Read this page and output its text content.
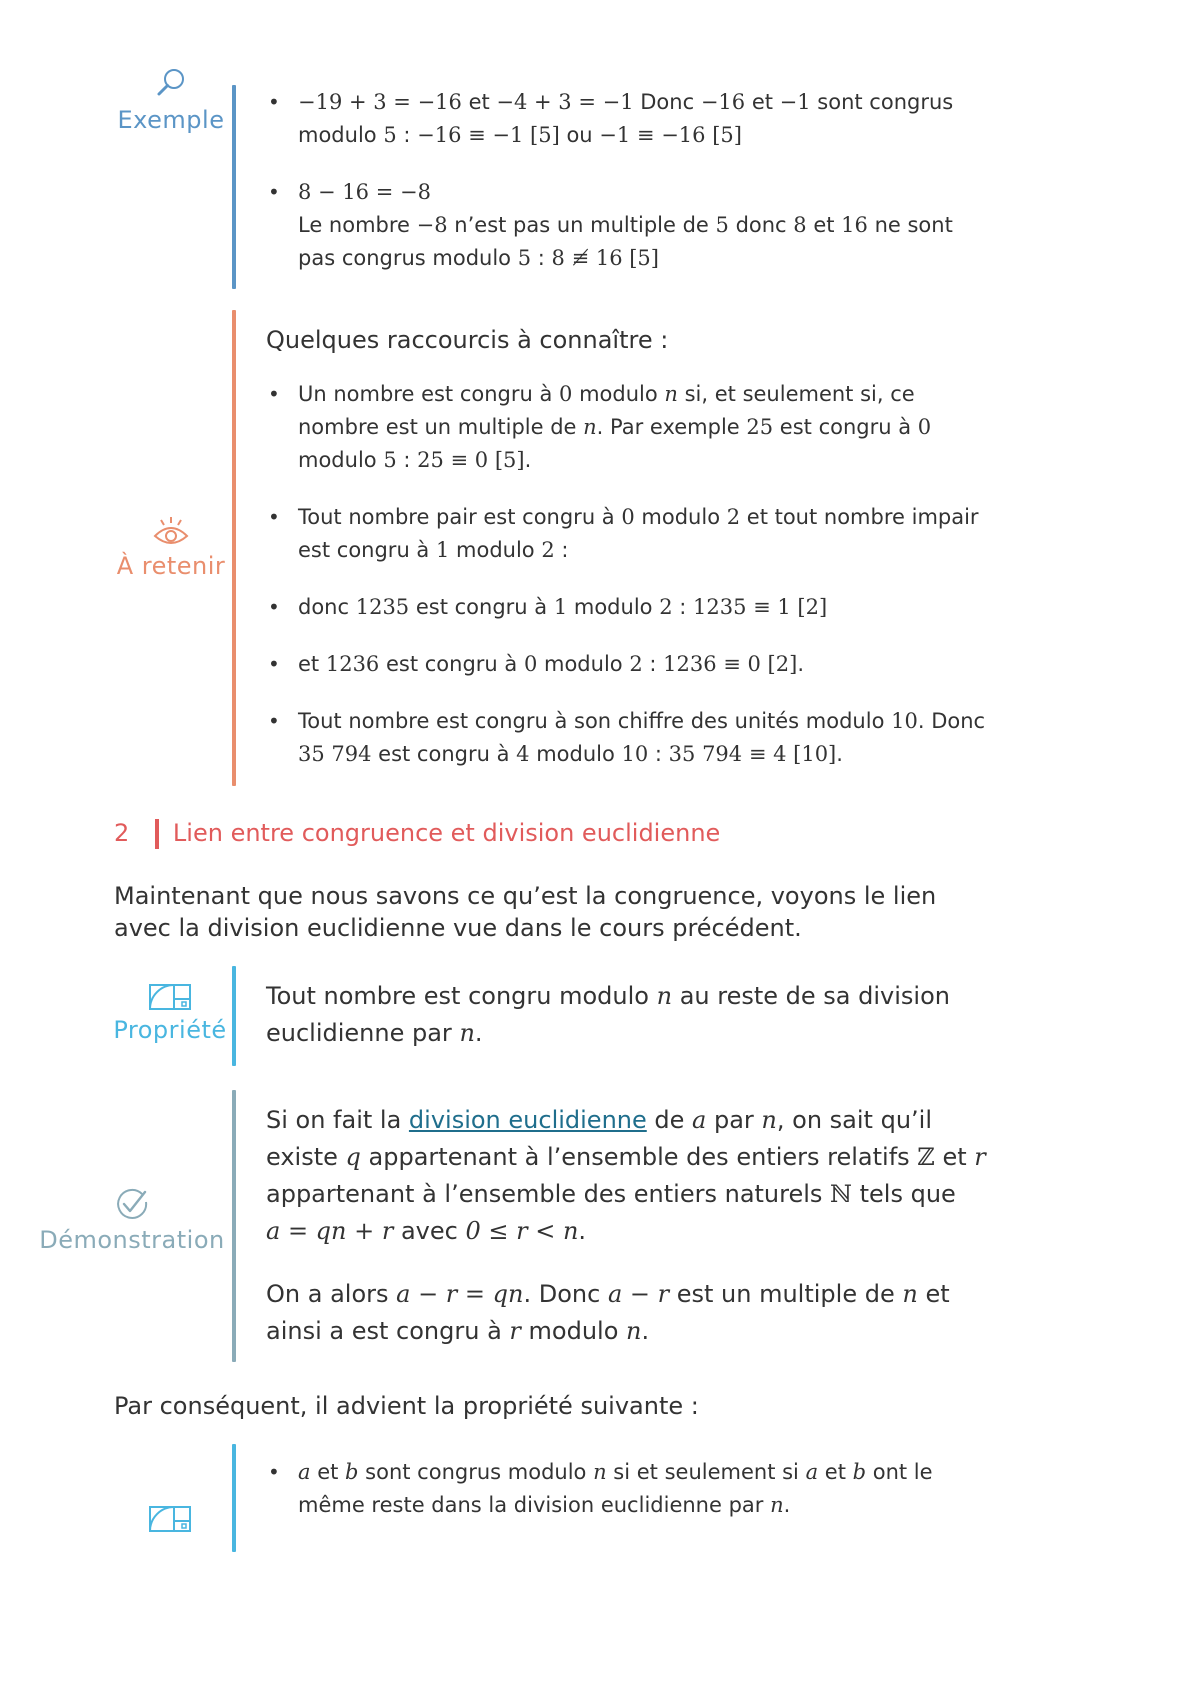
Exemple
• −19 + 3 = −16 et −4 + 3 = −1 Donc −16 et −1 sont congrus
modulo 5 : −16 ≡ −1 [5] ou −1 ≡ −16 [5]
• 8 − 16 = −8
Le nombre −8 n’est pas un multiple de 5 donc 8 et 16 ne sont
pas congrus modulo 5 : 8 ≢ 16 [5]
À retenir

Quelques raccourcis à connaître :

• Un nombre est congru à 0 modulo n si, et seulement si, ce
nombre est un multiple de n. Par exemple 25 est congru à 0
modulo 5 : 25 ≡ 0 [5].
• Tout nombre pair est congru à 0 modulo 2 et tout nombre impair
est congru à 1 modulo 2 :
• donc 1235 est congru à 1 modulo 2 : 1235 ≡ 1 [2]
• et 1236 est congru à 0 modulo 2 : 1236 ≡ 0 [2].
• Tout nombre est congru à son chiffre des unités modulo 10. Donc
35 794 est congru à 4 modulo 10 : 35 794 ≡ 4 [10].
2 Lien entre congruence et division euclidienne
Maintenant que nous savons ce qu’est la congruence, voyons le lien
avec la division euclidienne vue dans le cours précédent.
Propriété
Tout nombre est congru modulo n au reste de sa division
euclidienne par n.
Démonstration

Si on fait la division euclidienne de a par n, on sait qu’il
existe q appartenant à l’ensemble des entiers relatifs ℤ et r
appartenant à l’ensemble des entiers naturels ℕ tels que
a = qn + r avec 0 ≤ r < n.

On a alors a − r = qn. Donc a − r est un multiple de n et
ainsi a est congru à r modulo n.

Par conséquent, il advient la propriété suivante :
• a et b sont congrus modulo n si et seulement si a et b ont le
même reste dans la division euclidienne par n.
